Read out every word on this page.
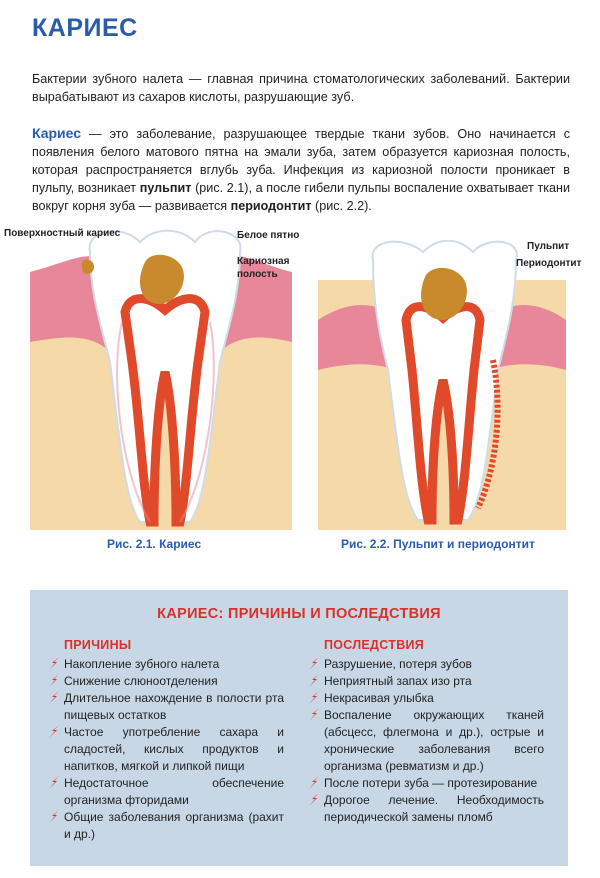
КАРИЕС
Бактерии зубного налета — главная причина стоматологических заболеваний. Бактерии вырабатывают из сахаров кислоты, разрушающие зуб.
Кариес — это заболевание, разрушающее твердые ткани зубов. Оно начинается с появления белого матового пятна на эмали зуба, затем образуется кариозная полость, которая распространяется вглубь зуба. Инфекция из кариозной полости проникает в пульпу, возникает пульпит (рис. 2.1), а после гибели пульпы воспаление охватывает ткани вокруг корня зуба — развивается периодонтит (рис. 2.2).
Поверхностный кариес	Белое пятно
Кариозная
полость
Рис. 2.1. Кариес
Пульпит
Периодонтит
Рис. 2.2. Пульпит и периодонтит
КАРИЕС: ПРИЧИНЫ И ПОСЛЕДСТВИЯ
ПРИЧИНЫ
Накопление зубного налета
Снижение слюноотделения
Длительное нахождение в полости рта пищевых остатков
Частое употребление сахара и сладостей, кислых продуктов и напитков, мягкой и липкой пищи
Недостаточное обеспечение организма фторидами
Общие заболевания организма (рахит и др.)
ПОСЛЕДСТВИЯ
Разрушение, потеря зубов
Неприятный запах изо рта
Некрасивая улыбка
Воспаление окружающих тканей (абсцесс, флегмона и др.), острые и хронические заболевания всего организма (ревматизм и др.)
После потери зуба — протезирование
Дорогое лечение. Необходимость периодической замены пломб
